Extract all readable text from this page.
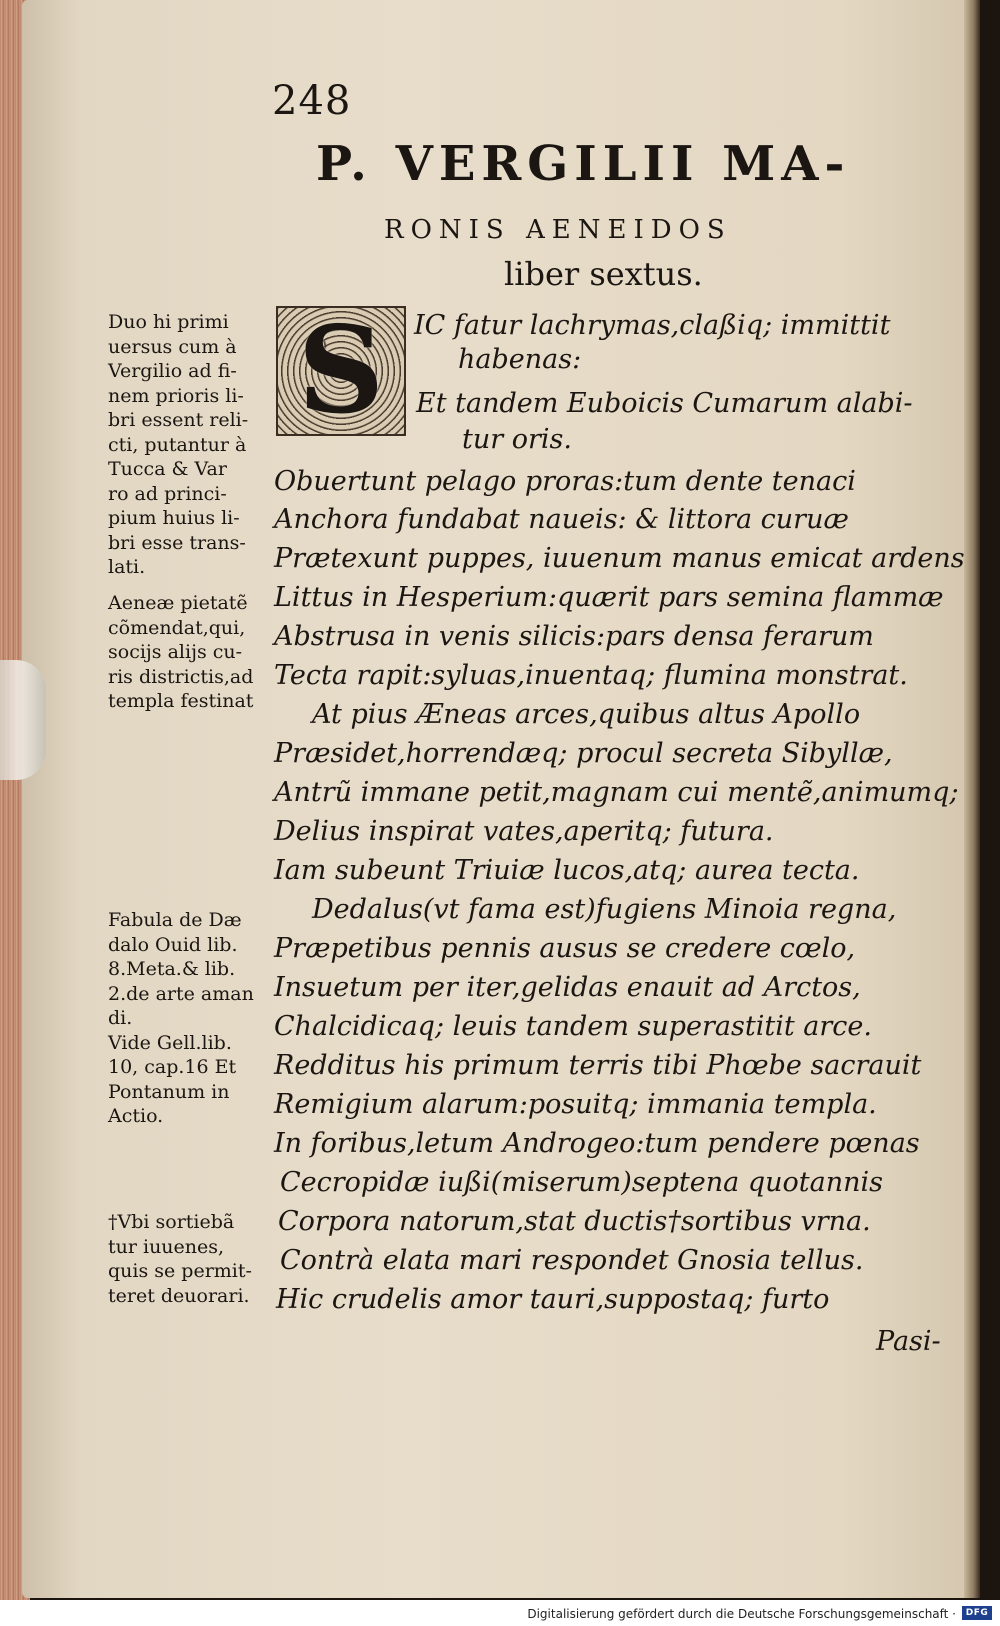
248
P. VERGILII MA-
RONIS AENEIDOS
liber sextus.
S IC fatur lachrymas,claßiq; immittit
habenas:
Et tandem Euboicis Cumarum alabi-
tur oris.
Obuertunt pelago proras:tum dente tenaci
Anchora fundabat naueis: & littora curuæ
Prætexunt puppes, iuuenum manus emicat ardens
Littus in Hesperium:quærit pars semina flammæ
Abstrusa in venis silicis:pars densa ferarum
Tecta rapit:syluas,inuentaq; flumina monstrat.
At pius Æneas arces,quibus altus Apollo
Præsidet,horrendæq; procul secreta Sibyllæ,
Antrũ immane petit,magnam cui mentẽ,animumq;
Delius inspirat vates,aperitq; futura.
Iam subeunt Triuiæ lucos,atq; aurea tecta.
Dedalus(vt fama est)fugiens Minoia regna,
Præpetibus pennis ausus se credere cœlo,
Insuetum per iter,gelidas enauit ad Arctos,
Chalcidicaq; leuis tandem superastitit arce.
Redditus his primum terris tibi Phœbe sacrauit
Remigium alarum:posuitq; immania templa.
In foribus,letum Androgeo:tum pendere pœnas
Cecropidæ iußi(miserum)septena quotannis
Corpora natorum,stat ductis†sortibus vrna.
Contrà elata mari respondet Gnosia tellus.
Hic crudelis amor tauri,suppostaq; furto
Duo hi primi
uersus cum à
Vergilio ad fi-
nem prioris li-
bri essent reli-
cti, putantur à
Tucca & Var
ro ad princi-
pium huius li-
bri esse trans-
lati.
Aeneæ pietatẽ
cõmendat,qui,
socijs alijs cu-
ris districtis,ad
templa festinat
Fabula de Dæ
dalo Ouid lib.
8.Meta.& lib.
2.de arte aman
di.
Vide Gell.lib.
10, cap.16 Et
Pontanum in
Actio.
†Vbi sortiebã
tur iuuenes,
quis se permit-
teret deuorari.
Pasi-
Digitalisierung gefördert durch die Deutsche Forschungsgemeinschaft · DFG
